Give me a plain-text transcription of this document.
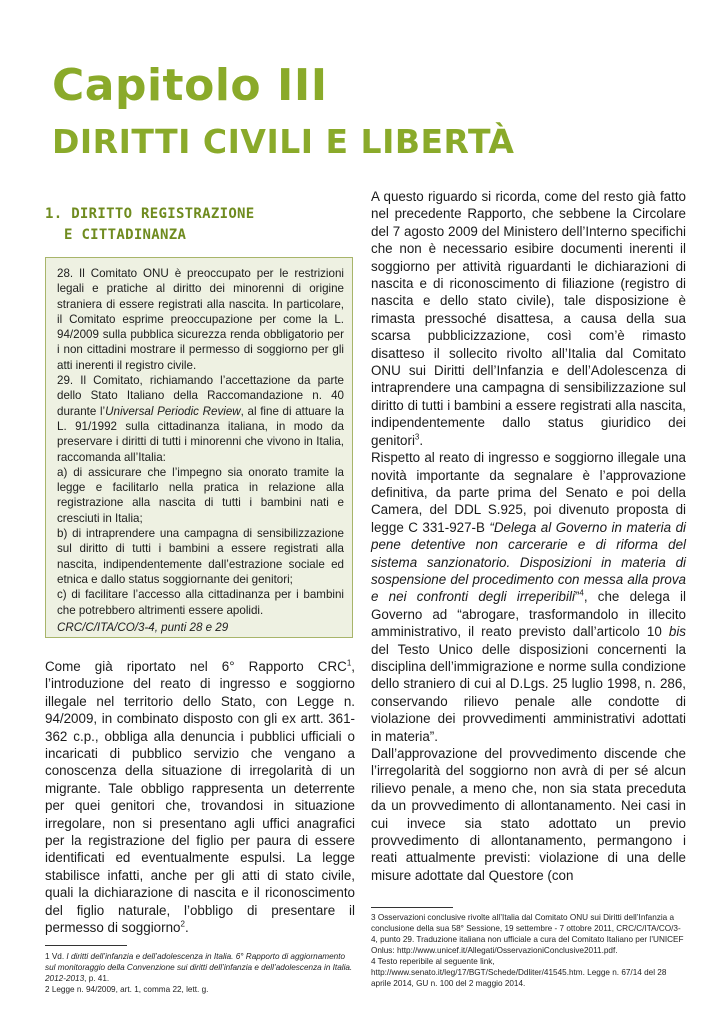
Capitolo III
DIRITTI CIVILI E LIBERTÀ
1. DIRITTO REGISTRAZIONE
E CITTADINANZA

28. Il Comitato ONU è preoccupato per le restrizioni legali e pratiche al diritto dei minorenni di origine straniera di essere registrati alla nascita. In particolare, il Comitato esprime preoccupazione per come la L. 94/2009 sulla pubblica sicurezza renda obbligatorio per i non cittadini mostrare il permesso di soggiorno per gli atti inerenti il registro civile.

29. Il Comitato, richiamando l’accettazione da parte dello Stato Italiano della Raccomandazione n. 40 durante l’Universal Periodic Review, al fine di attuare la L. 91/1992 sulla cittadinanza italiana, in modo da preservare i diritti di tutti i minorenni che vivono in Italia, raccomanda all’Italia:

a) di assicurare che l’impegno sia onorato tramite la legge e facilitarlo nella pratica in relazione alla registrazione alla nascita di tutti i bambini nati e cresciuti in Italia;

b) di intraprendere una campagna di sensibilizzazione sul diritto di tutti i bambini a essere registrati alla nascita, indipendentemente dall’estrazione sociale ed etnica e dallo status soggiornante dei genitori;

c) di facilitare l’accesso alla cittadinanza per i bambini che potrebbero altrimenti essere apolidi.

CRC/C/ITA/CO/3-4, punti 28 e 29

Come già riportato nel 6° Rapporto CRC$^1$, l’introduzione del reato di ingresso e soggiorno illegale nel territorio dello Stato, con Legge n. 94/2009, in combinato disposto con gli ex artt. 361-362 c.p., obbliga alla denuncia i pubblici ufficiali o incaricati di pubblico servizio che vengano a conoscenza della situazione di irregolarità di un migrante. Tale obbligo rappresenta un deterrente per quei genitori che, trovandosi in situazione irregolare, non si presentano agli uffici anagrafici per la registrazione del figlio per paura di essere identificati ed eventualmente espulsi. La legge stabilisce infatti, anche per gli atti di stato civile, quali la dichiarazione di nascita e il riconoscimento del figlio naturale, l’obbligo di presentare il permesso di soggiorno$^2$.

A questo riguardo si ricorda, come del resto già fatto nel precedente Rapporto, che sebbene la Circolare del 7 agosto 2009 del Ministero dell’Interno specifichi che non è necessario esibire documenti inerenti il soggiorno per attività riguardanti le dichiarazioni di nascita e di riconoscimento di filiazione (registro di nascita e dello stato civile), tale disposizione è rimasta pressoché disattesa, a causa della sua scarsa pubblicizzazione, così com’è rimasto disatteso il sollecito rivolto all’Italia dal Comitato ONU sui Diritti dell’Infanzia e dell’Adolescenza di intraprendere una campagna di sensibilizzazione sul diritto di tutti i bambini a essere registrati alla nascita, indipendentemente dallo status giuridico dei genitori$^3$.

Rispetto al reato di ingresso e soggiorno illegale una novità importante da segnalare è l’approvazione definitiva, da parte prima del Senato e poi della Camera, del DDL S.925, poi divenuto proposta di legge C 331-927-B “Delega al Governo in materia di pene detentive non carcerarie e di riforma del sistema sanzionatorio. Disposizioni in materia di sospensione del procedimento con messa alla prova e nei confronti degli irreperibili”$^4$, che delega il Governo ad “abrogare, trasformandolo in illecito amministrativo, il reato previsto dall’articolo 10 bis del Testo Unico delle disposizioni concernenti la disciplina dell’immigrazione e norme sulla condizione dello straniero di cui al D.Lgs. 25 luglio 1998, n. 286, conservando rilievo penale alle condotte di violazione dei provvedimenti amministrativi adottati in materia”.

Dall’approvazione del provvedimento discende che l’irregolarità del soggiorno non avrà di per sé alcun rilievo penale, a meno che, non sia stata preceduta da un provvedimento di allontanamento. Nei casi in cui invece sia stato adottato un previo provvedimento di allontanamento, permangono i reati attualmente previsti: violazione di una delle misure adottate dal Questore (con

1 Vd. I diritti dell’infanzia e dell’adolescenza in Italia. 6° Rapporto di aggiornamento sul monitoraggio della Convenzione sui diritti dell’infanzia e dell’adolescenza in Italia. 2012-2013, p. 41.

2 Legge n. 94/2009, art. 1, comma 22, lett. g.

3 Osservazioni conclusive rivolte all’Italia dal Comitato ONU sui Diritti dell’Infanzia a conclusione della sua 58° Sessione, 19 settembre - 7 ottobre 2011, CRC/C/ITA/CO/3-4, punto 29. Traduzione italiana non ufficiale a cura del Comitato Italiano per l’UNICEF Onlus: http://www.unicef.it/Allegati/OsservazioniConclusive2011.pdf.

4 Testo reperibile al seguente link, http://www.senato.it/leg/17/BGT/Schede/Ddliter/41545.htm. Legge n. 67/14 del 28 aprile 2014, GU n. 100 del 2 maggio 2014.
